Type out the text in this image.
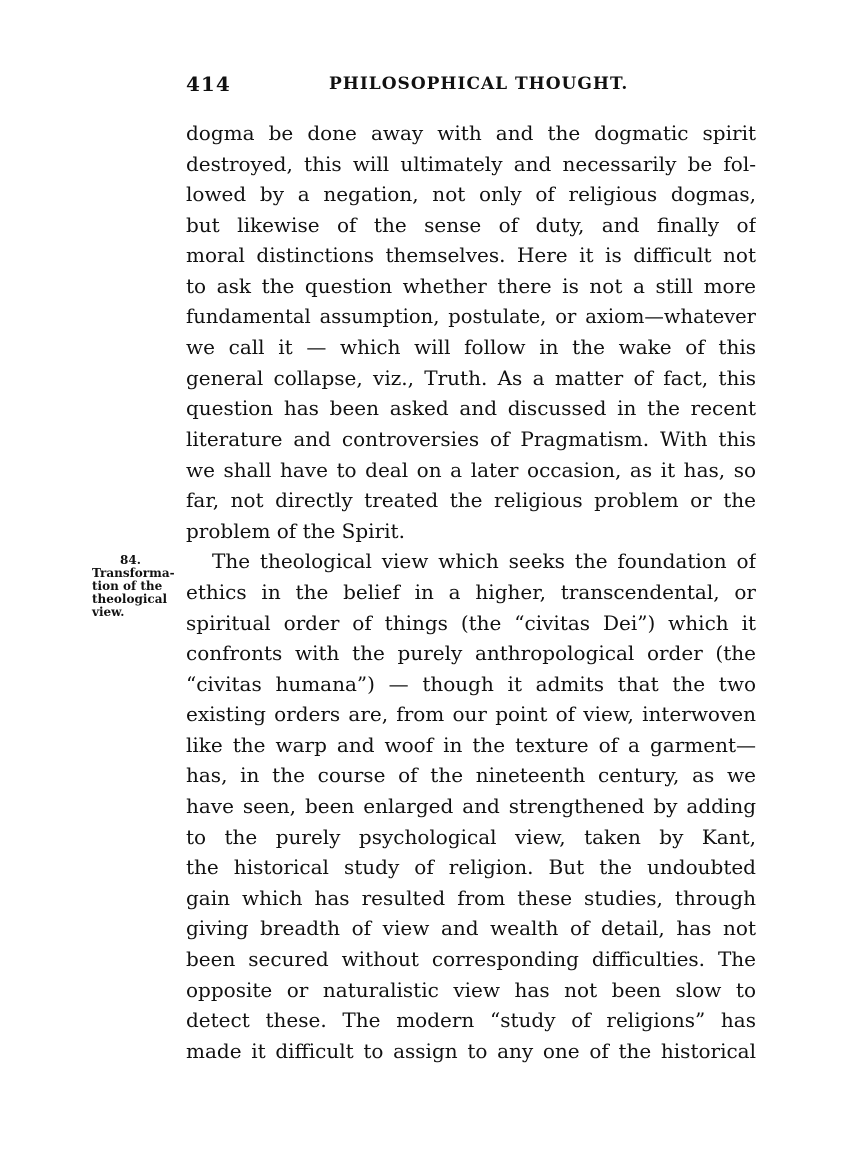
414	PHILOSOPHICAL THOUGHT.
84.
Transforma-
tion of the
theological
view.
dogma be done away with and the dogmatic spirit
destroyed, this will ultimately and necessarily be fol-
lowed by a negation, not only of religious dogmas,
but likewise of the sense of duty, and finally of
moral distinctions themselves. Here it is difficult not
to ask the question whether there is not a still more
fundamental assumption, postulate, or axiom—whatever
we call it — which will follow in the wake of this
general collapse, viz., Truth. As a matter of fact, this
question has been asked and discussed in the recent
literature and controversies of Pragmatism. With this
we shall have to deal on a later occasion, as it has, so
far, not directly treated the religious problem or the
problem of the Spirit.
The theological view which seeks the foundation of
ethics in the belief in a higher, transcendental, or
spiritual order of things (the “civitas Dei”) which it
confronts with the purely anthropological order (the
“civitas humana”) — though it admits that the two
existing orders are, from our point of view, interwoven
like the warp and woof in the texture of a garment—
has, in the course of the nineteenth century, as we
have seen, been enlarged and strengthened by adding
to the purely psychological view, taken by Kant,
the historical study of religion. But the undoubted
gain which has resulted from these studies, through
giving breadth of view and wealth of detail, has not
been secured without corresponding difficulties. The
opposite or naturalistic view has not been slow to
detect these. The modern “study of religions” has
made it difficult to assign to any one of the historical
